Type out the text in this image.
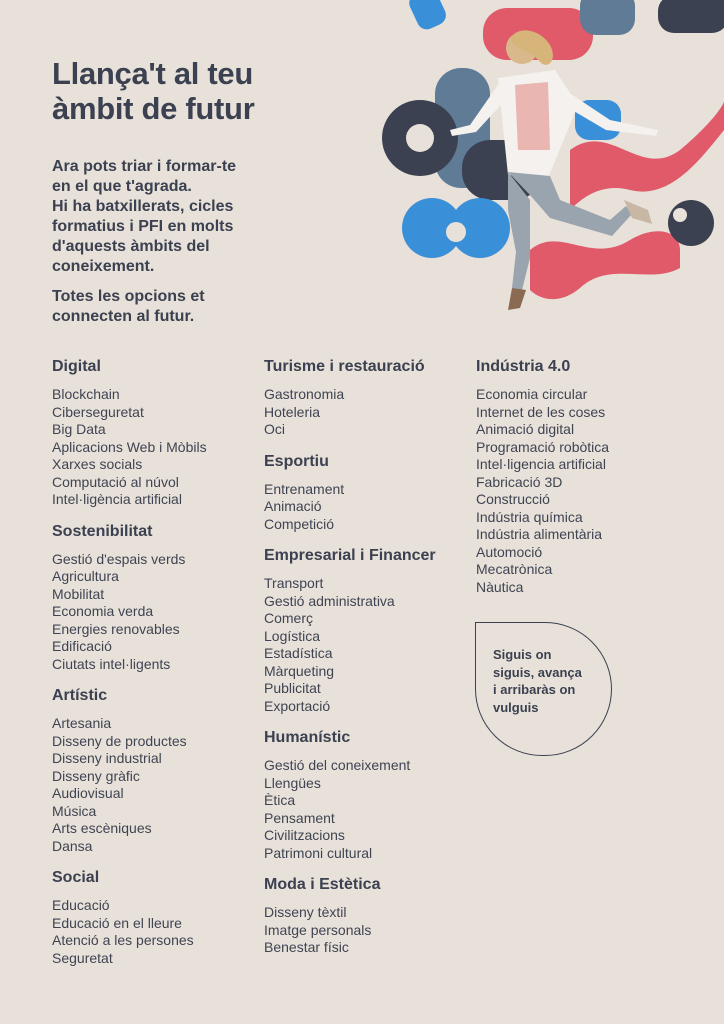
Llança't al teu
àmbit de futur

Ara pots triar i formar-te
en el que t'agrada.
Hi ha batxillerats, cicles
formatius i PFI en molts
d'aquests àmbits del
coneixement.

Totes les opcions et
connecten al futur.

Digital
Blockchain
Ciberseguretat
Big Data
Aplicacions Web i Mòbils
Xarxes socials
Computació al núvol
Intel·ligència artificial
Sostenibilitat
Gestió d'espais verds
Agricultura
Mobilitat
Economia verda
Energies renovables
Edificació
Ciutats intel·ligents
Artístic
Artesania
Disseny de productes
Disseny industrial
Disseny gràfic
Audiovisual
Música
Arts escèniques
Dansa
Social
Educació
Educació en el lleure
Atenció a les persones
Seguretat
Turisme i restauració
Gastronomia
Hoteleria
Oci
Esportiu
Entrenament
Animació
Competició
Empresarial i Financer
Transport
Gestió administrativa
Comerç
Logística
Estadística
Màrqueting
Publicitat
Exportació
Humanístic
Gestió del coneixement
Llengües
Ètica
Pensament
Civilitzacions
Patrimoni cultural
Moda i Estètica
Disseny tèxtil
Imatge personals
Benestar físic
Indústria 4.0
Economia circular
Internet de les coses
Animació digital
Programació robòtica
Intel·ligencia artificial
Fabricació 3D
Construcció
Indústria química
Indústria alimentària
Automoció
Mecatrònica
Nàutica

Siguis on
siguis, avança
i arribaràs on
vulguis
